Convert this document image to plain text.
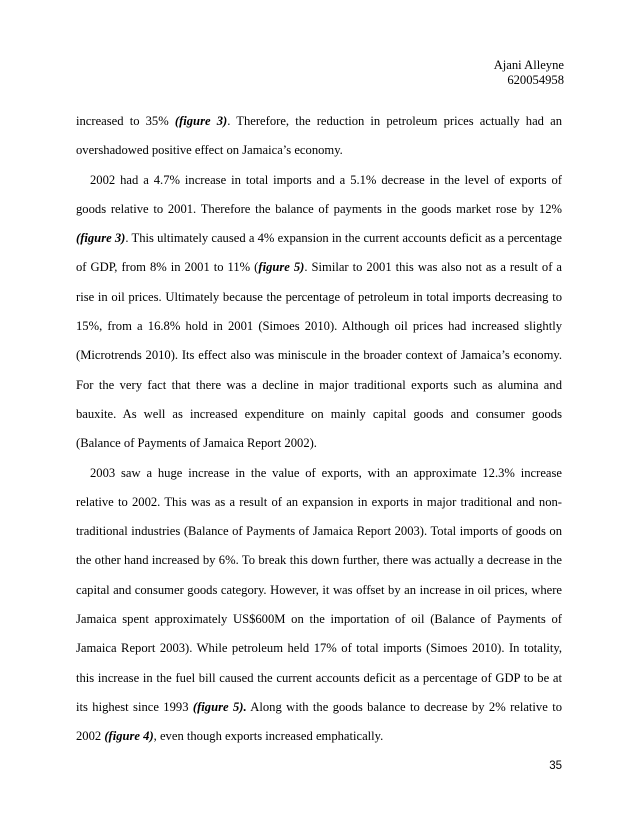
Ajani Alleyne
620054958

increased to 35% (figure 3). Therefore, the reduction in petroleum prices actually had an overshadowed positive effect on Jamaica’s economy.

2002 had a 4.7% increase in total imports and a 5.1% decrease in the level of exports of goods relative to 2001. Therefore the balance of payments in the goods market rose by 12% (figure 3). This ultimately caused a 4% expansion in the current accounts deficit as a percentage of GDP, from 8% in 2001 to 11% (figure 5). Similar to 2001 this was also not as a result of a rise in oil prices. Ultimately because the percentage of petroleum in total imports decreasing to 15%, from a 16.8% hold in 2001 (Simoes 2010). Although oil prices had increased slightly (Microtrends 2010). Its effect also was miniscule in the broader context of Jamaica’s economy. For the very fact that there was a decline in major traditional exports such as alumina and bauxite. As well as increased expenditure on mainly capital goods and consumer goods (Balance of Payments of Jamaica Report 2002).

2003 saw a huge increase in the value of exports, with an approximate 12.3% increase relative to 2002. This was as a result of an expansion in exports in major traditional and non-traditional industries (Balance of Payments of Jamaica Report 2003). Total imports of goods on the other hand increased by 6%. To break this down further, there was actually a decrease in the capital and consumer goods category. However, it was offset by an increase in oil prices, where Jamaica spent approximately US$600M on the importation of oil (Balance of Payments of Jamaica Report 2003). While petroleum held 17% of total imports (Simoes 2010). In totality, this increase in the fuel bill caused the current accounts deficit as a percentage of GDP to be at its highest since 1993 (figure 5). Along with the goods balance to decrease by 2% relative to 2002 (figure 4), even though exports increased emphatically.

35
